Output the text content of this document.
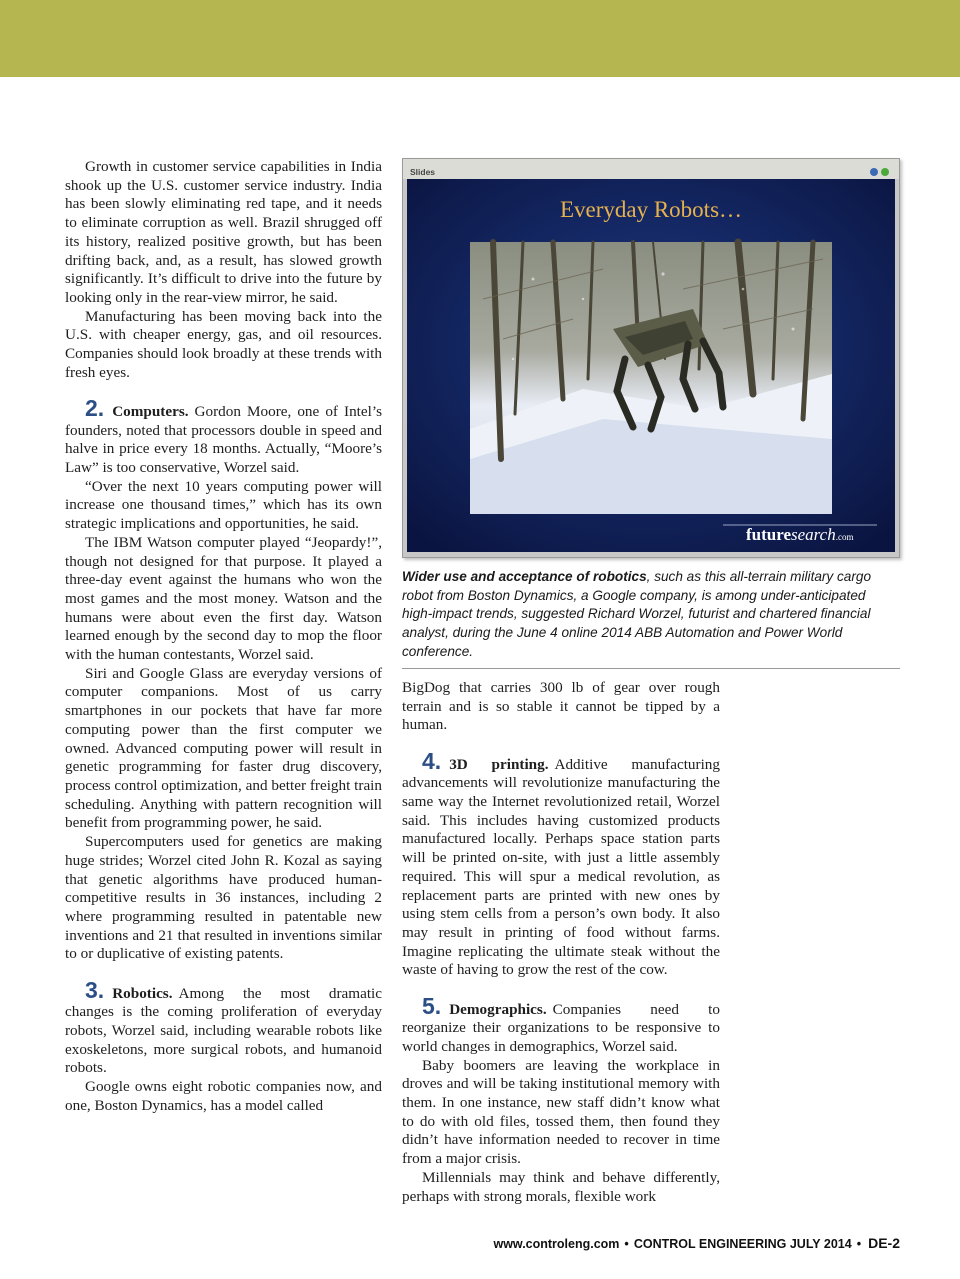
Growth in customer service capabilities in India shook up the U.S. customer service industry. India has been slowly eliminating red tape, and it needs to eliminate corruption as well. Brazil shrugged off its history, realized positive growth, but has been drifting back, and, as a result, has slowed growth significantly. It’s difficult to drive into the future by looking only in the rear-view mirror, he said.

Manufacturing has been moving back into the U.S. with cheaper energy, gas, and oil resources. Companies should look broadly at these trends with fresh eyes.

2. Computers. Gordon Moore, one of Intel’s founders, noted that processors double in speed and halve in price every 18 months. Actually, “Moore’s Law” is too conservative, Worzel said.

“Over the next 10 years computing power will increase one thousand times,” which has its own strategic implications and opportunities, he said.

The IBM Watson computer played “Jeopardy!”, though not designed for that purpose. It played a three-day event against the humans who won the most games and the most money. Watson and the humans were about even the first day. Watson learned enough by the second day to mop the floor with the human contestants, Worzel said.

Siri and Google Glass are everyday versions of computer companions. Most of us carry smartphones in our pockets that have far more computing power than the first computer we owned. Advanced computing power will result in genetic programming for faster drug discovery, process control optimization, and better freight train scheduling. Anything with pattern recognition will benefit from programming power, he said.

Supercomputers used for genetics are making huge strides; Worzel cited John R. Kozal as saying that genetic algorithms have produced human-competitive results in 36 instances, including 2 where programming resulted in patentable new inventions and 21 that resulted in inventions similar to or duplicative of existing patents.

3. Robotics. Among the most dramatic changes is the coming proliferation of everyday robots, Worzel said, including wearable robots like exoskeletons, more surgical robots, and humanoid robots.

Google owns eight robotic companies now, and one, Boston Dynamics, has a model called

Slides
Everyday Robots…
futuresearch.com
Wider use and acceptance of robotics, such as this all-terrain military cargo robot from Boston Dynamics, a Google company, is among under-anticipated high-impact trends, suggested Richard Worzel, futurist and chartered financial analyst, during the June 4 online 2014 ABB Automation and Power World conference.

BigDog that carries 300 lb of gear over rough terrain and is so stable it cannot be tipped by a human.

4. 3D printing. Additive manufacturing advancements will revolutionize manufacturing the same way the Internet revolutionized retail, Worzel said. This includes having customized products manufactured locally. Perhaps space station parts will be printed on-site, with just a little assembly required. This will spur a medical revolution, as replacement parts are printed with new ones by using stem cells from a person’s own body. It also may result in printing of food without farms. Imagine replicating the ultimate steak without the waste of having to grow the rest of the cow.

5. Demographics. Companies need to reorganize their organizations to be responsive to world changes in demographics, Worzel said.

Baby boomers are leaving the workplace in droves and will be taking institutional memory with them. In one instance, new staff didn’t know what to do with old files, tossed them, then found they didn’t have information needed to recover in time from a major crisis.

Millennials may think and behave differently, perhaps with strong morals, flexible work

www.controleng.com • CONTROL ENGINEERING JULY 2014 • DE-2
